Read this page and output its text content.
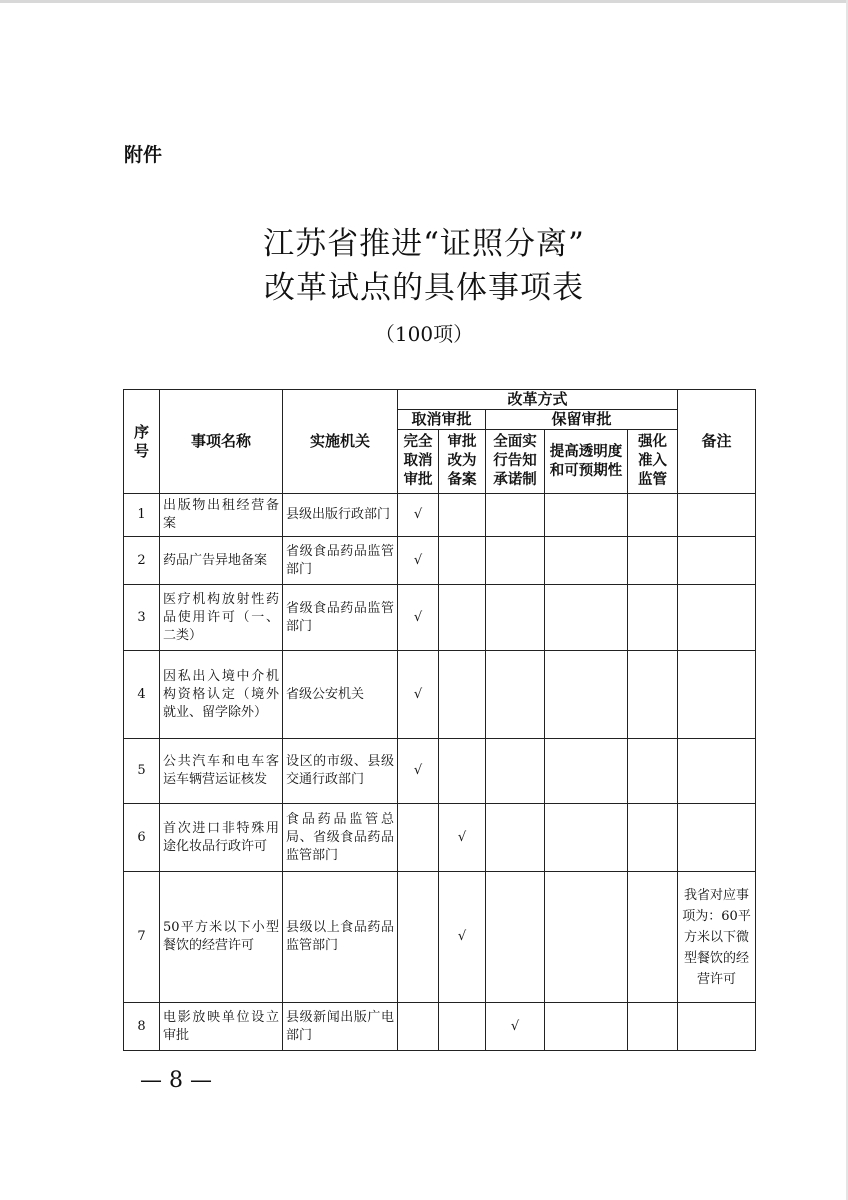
附件
江苏省推进“证照分离”
改革试点的具体事项表
（100项）
序号	事项名称	实施机关	改革方式					备注
			取消审批		保留审批			
			完全取消审批	审批改为备案	全面实行告知承诺制	提高透明度和可预期性	强化准入监管	

1	出版物出租经营备案	县级出版行政部门	√					
2	药品广告异地备案	省级食品药品监管部门	√					
3	医疗机构放射性药品使用许可（一、二类）	省级食品药品监管部门	√					
4	因私出入境中介机构资格认定（境外就业、留学除外）	省级公安机关	√					
5	公共汽车和电车客运车辆营运证核发	设区的市级、县级交通行政部门	√					
6	首次进口非特殊用途化妆品行政许可	食品药品监管总局、省级食品药品监管部门		√				
7	50平方米以下小型餐饮的经营许可	县级以上食品药品监管部门		√				我省对应事项为：60平方米以下微型餐饮的经营许可
8	电影放映单位设立审批	县级新闻出版广电部门			√			
— 8 —
